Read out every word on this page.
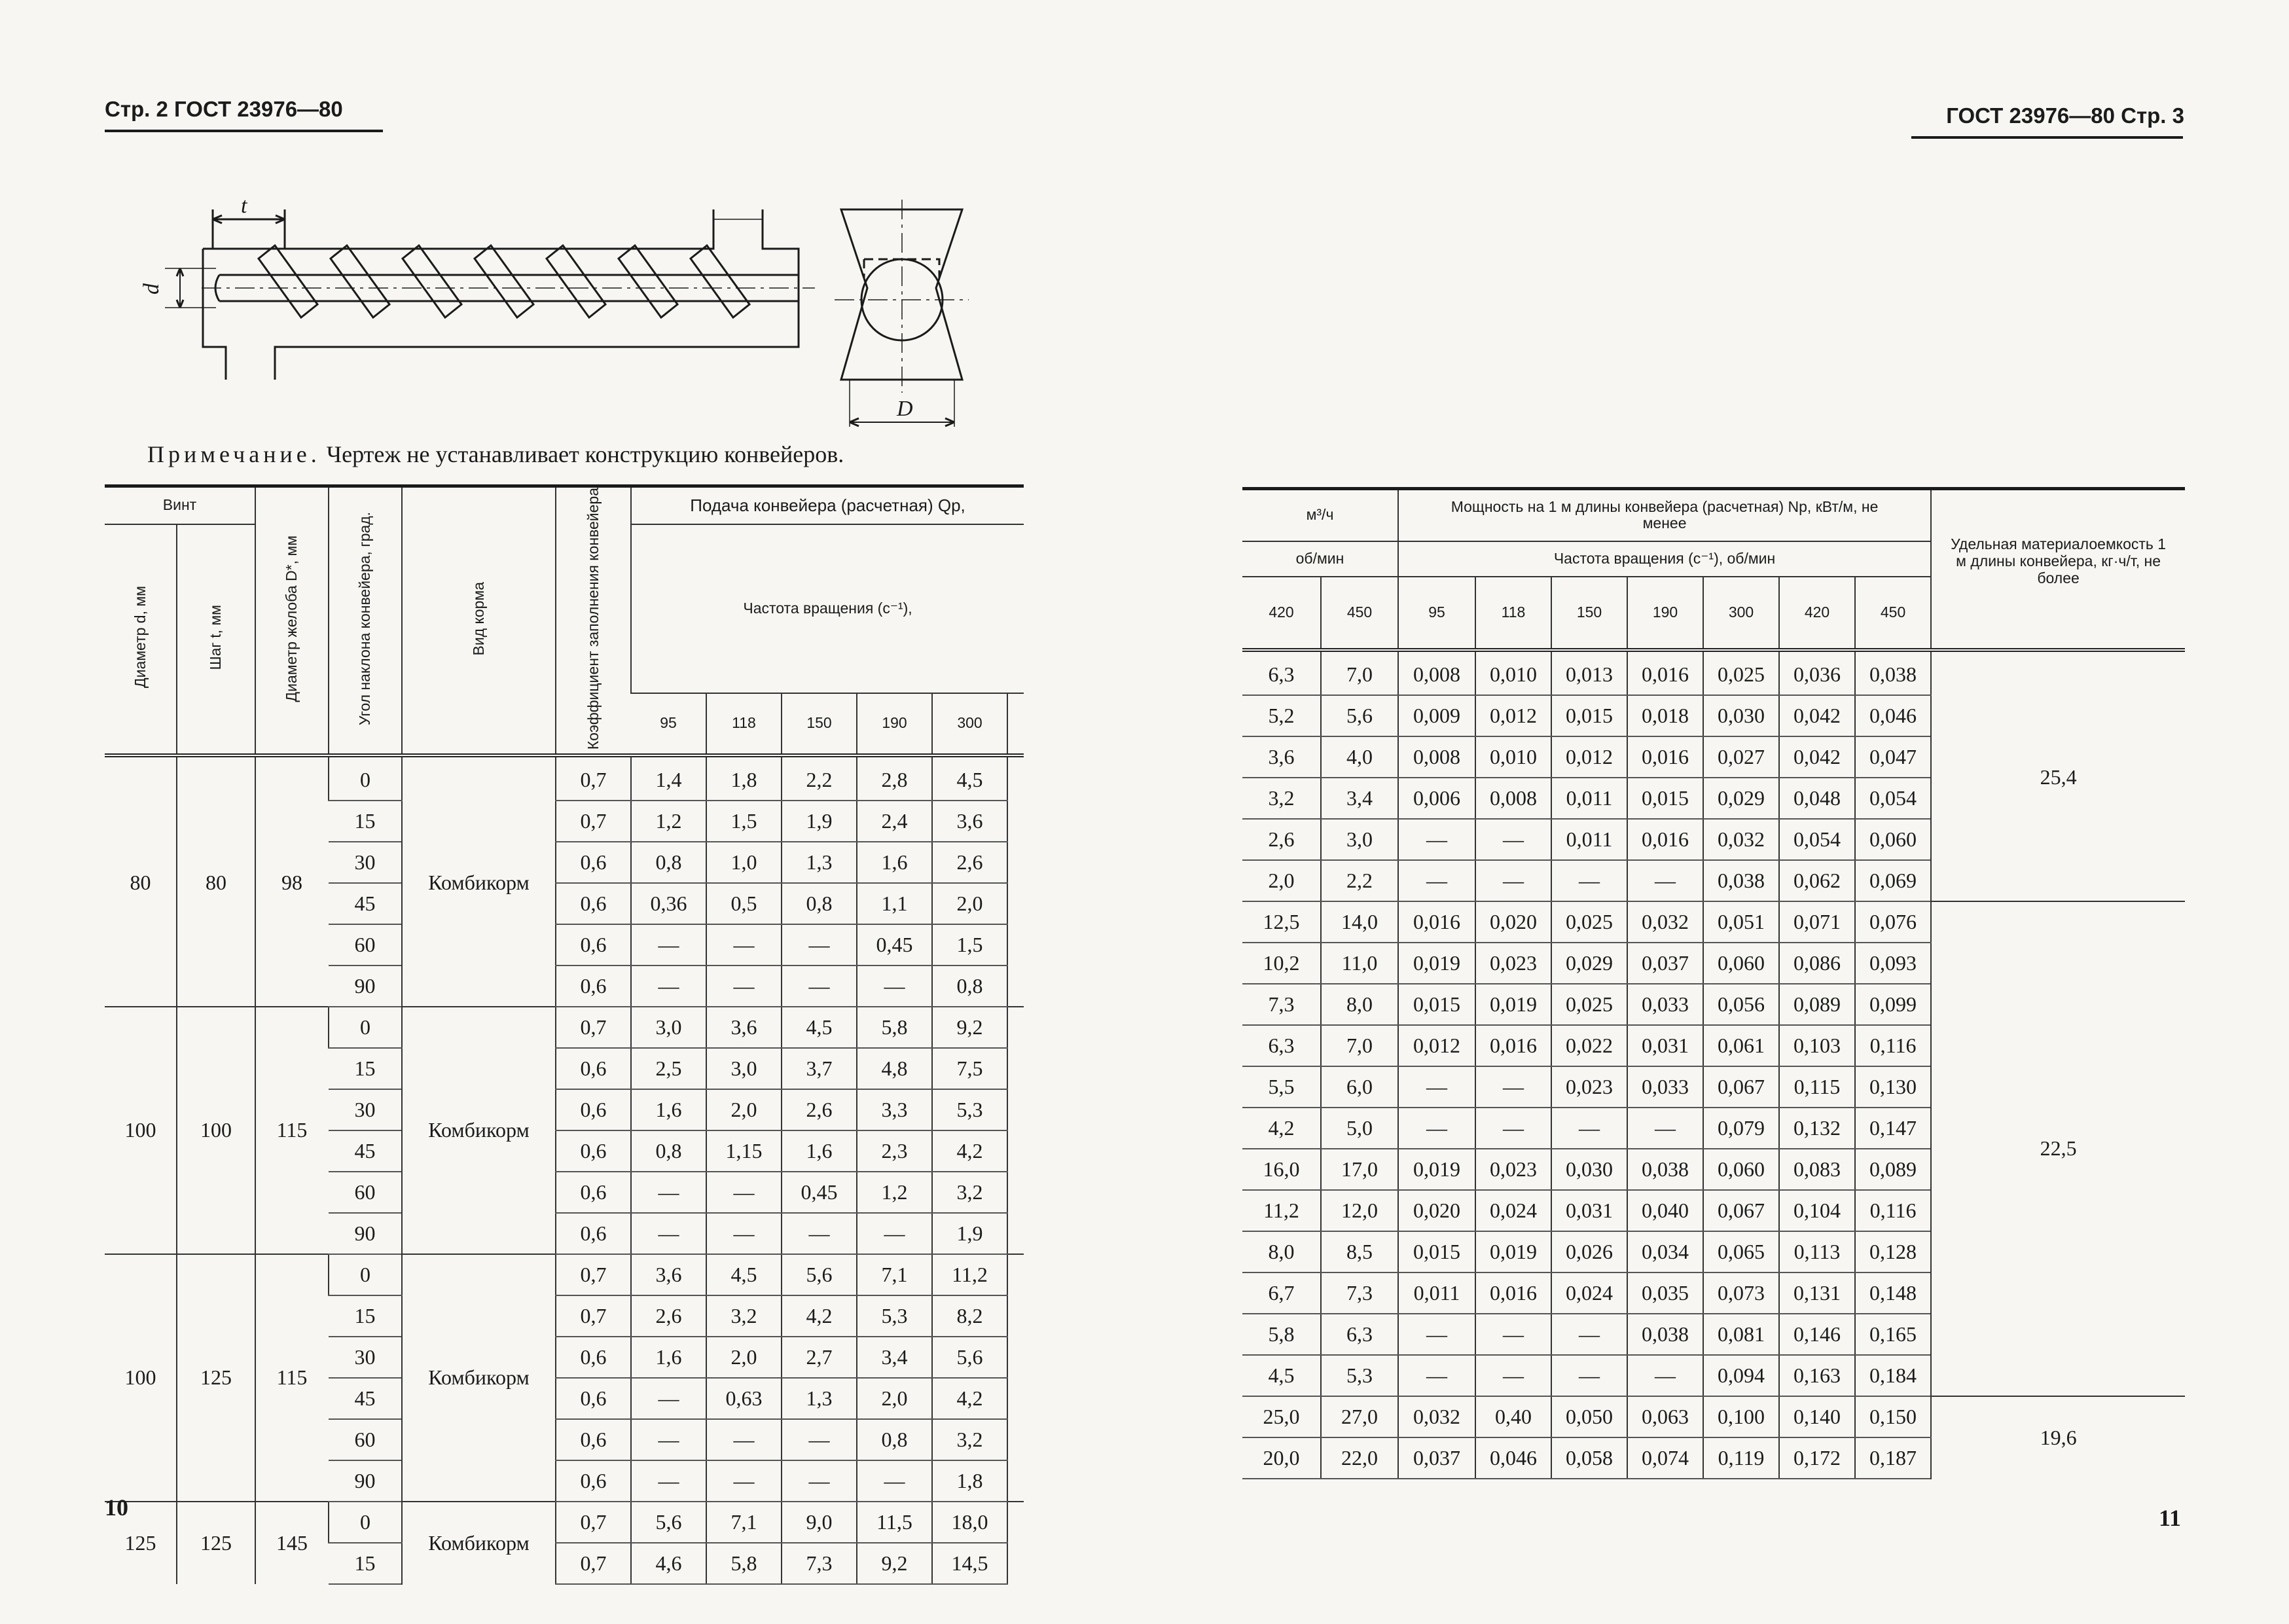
Стр. 2 ГОСТ 23976—80	ГОСТ 23976—80 Стр. 3
t
d
D
Примечание. Чертеж не устанавливает конструкцию конвейеров.
Винт		Диаметр желоба D*, мм	Угол наклона конвейера, град.	Вид корма	Коэффициент заполнения конвейера	Подача конвейера (расчетная) Qр,					
Диаметр d, мм	Шаг t, мм					Частота вращения (с⁻¹),					
						95	118	150	190	300	
80	80	98	0	Комбикорм	0,7	1,4	1,8	2,2	2,8	4,5	
			15		0,7	1,2	1,5	1,9	2,4	3,6	
			30		0,6	0,8	1,0	1,3	1,6	2,6	
			45		0,6	0,36	0,5	0,8	1,1	2,0	
			60		0,6	—	—	—	0,45	1,5	
			90		0,6	—	—	—	—	0,8	
100	100	115	0	Комбикорм	0,7	3,0	3,6	4,5	5,8	9,2	
			15		0,6	2,5	3,0	3,7	4,8	7,5	
			30		0,6	1,6	2,0	2,6	3,3	5,3	
			45		0,6	0,8	1,15	1,6	2,3	4,2	
			60		0,6	—	—	0,45	1,2	3,2	
			90		0,6	—	—	—	—	1,9	
100	125	115	0	Комбикорм	0,7	3,6	4,5	5,6	7,1	11,2	
			15		0,7	2,6	3,2	4,2	5,3	8,2	
			30		0,6	1,6	2,0	2,7	3,4	5,6	
			45		0,6	—	0,63	1,3	2,0	4,2	
			60		0,6	—	—	—	0,8	3,2	
			90		0,6	—	—	—	—	1,8	
125	125	145	0	Комбикорм	0,7	5,6	7,1	9,0	11,5	18,0	
			15		0,7	4,6	5,8	7,3	9,2	14,5	
м³/ч		Мощность на 1 м длины конвейера (расчетная) Nр, кВт/м, не менее							Удельная материалоемкость 1 м длины конвейера, кг·ч/т, не более
об/мин		Частота вращения (с⁻¹), об/мин							
420	450	95	118	150	190	300	420	450	
6,3	7,0	0,008	0,010	0,013	0,016	0,025	0,036	0,038	25,4
5,2	5,6	0,009	0,012	0,015	0,018	0,030	0,042	0,046	
3,6	4,0	0,008	0,010	0,012	0,016	0,027	0,042	0,047	
3,2	3,4	0,006	0,008	0,011	0,015	0,029	0,048	0,054	
2,6	3,0	—	—	0,011	0,016	0,032	0,054	0,060	
2,0	2,2	—	—	—	—	0,038	0,062	0,069	
12,5	14,0	0,016	0,020	0,025	0,032	0,051	0,071	0,076	22,5
10,2	11,0	0,019	0,023	0,029	0,037	0,060	0,086	0,093	
7,3	8,0	0,015	0,019	0,025	0,033	0,056	0,089	0,099	
6,3	7,0	0,012	0,016	0,022	0,031	0,061	0,103	0,116	
5,5	6,0	—	—	0,023	0,033	0,067	0,115	0,130	
4,2	5,0	—	—	—	—	0,079	0,132	0,147	
16,0	17,0	0,019	0,023	0,030	0,038	0,060	0,083	0,089	
11,2	12,0	0,020	0,024	0,031	0,040	0,067	0,104	0,116	
8,0	8,5	0,015	0,019	0,026	0,034	0,065	0,113	0,128	
6,7	7,3	0,011	0,016	0,024	0,035	0,073	0,131	0,148	
5,8	6,3	—	—	—	0,038	0,081	0,146	0,165	
4,5	5,3	—	—	—	—	0,094	0,163	0,184	
25,0	27,0	0,032	0,40	0,050	0,063	0,100	0,140	0,150	19,6
20,0	22,0	0,037	0,046	0,058	0,074	0,119	0,172	0,187	
10	11
